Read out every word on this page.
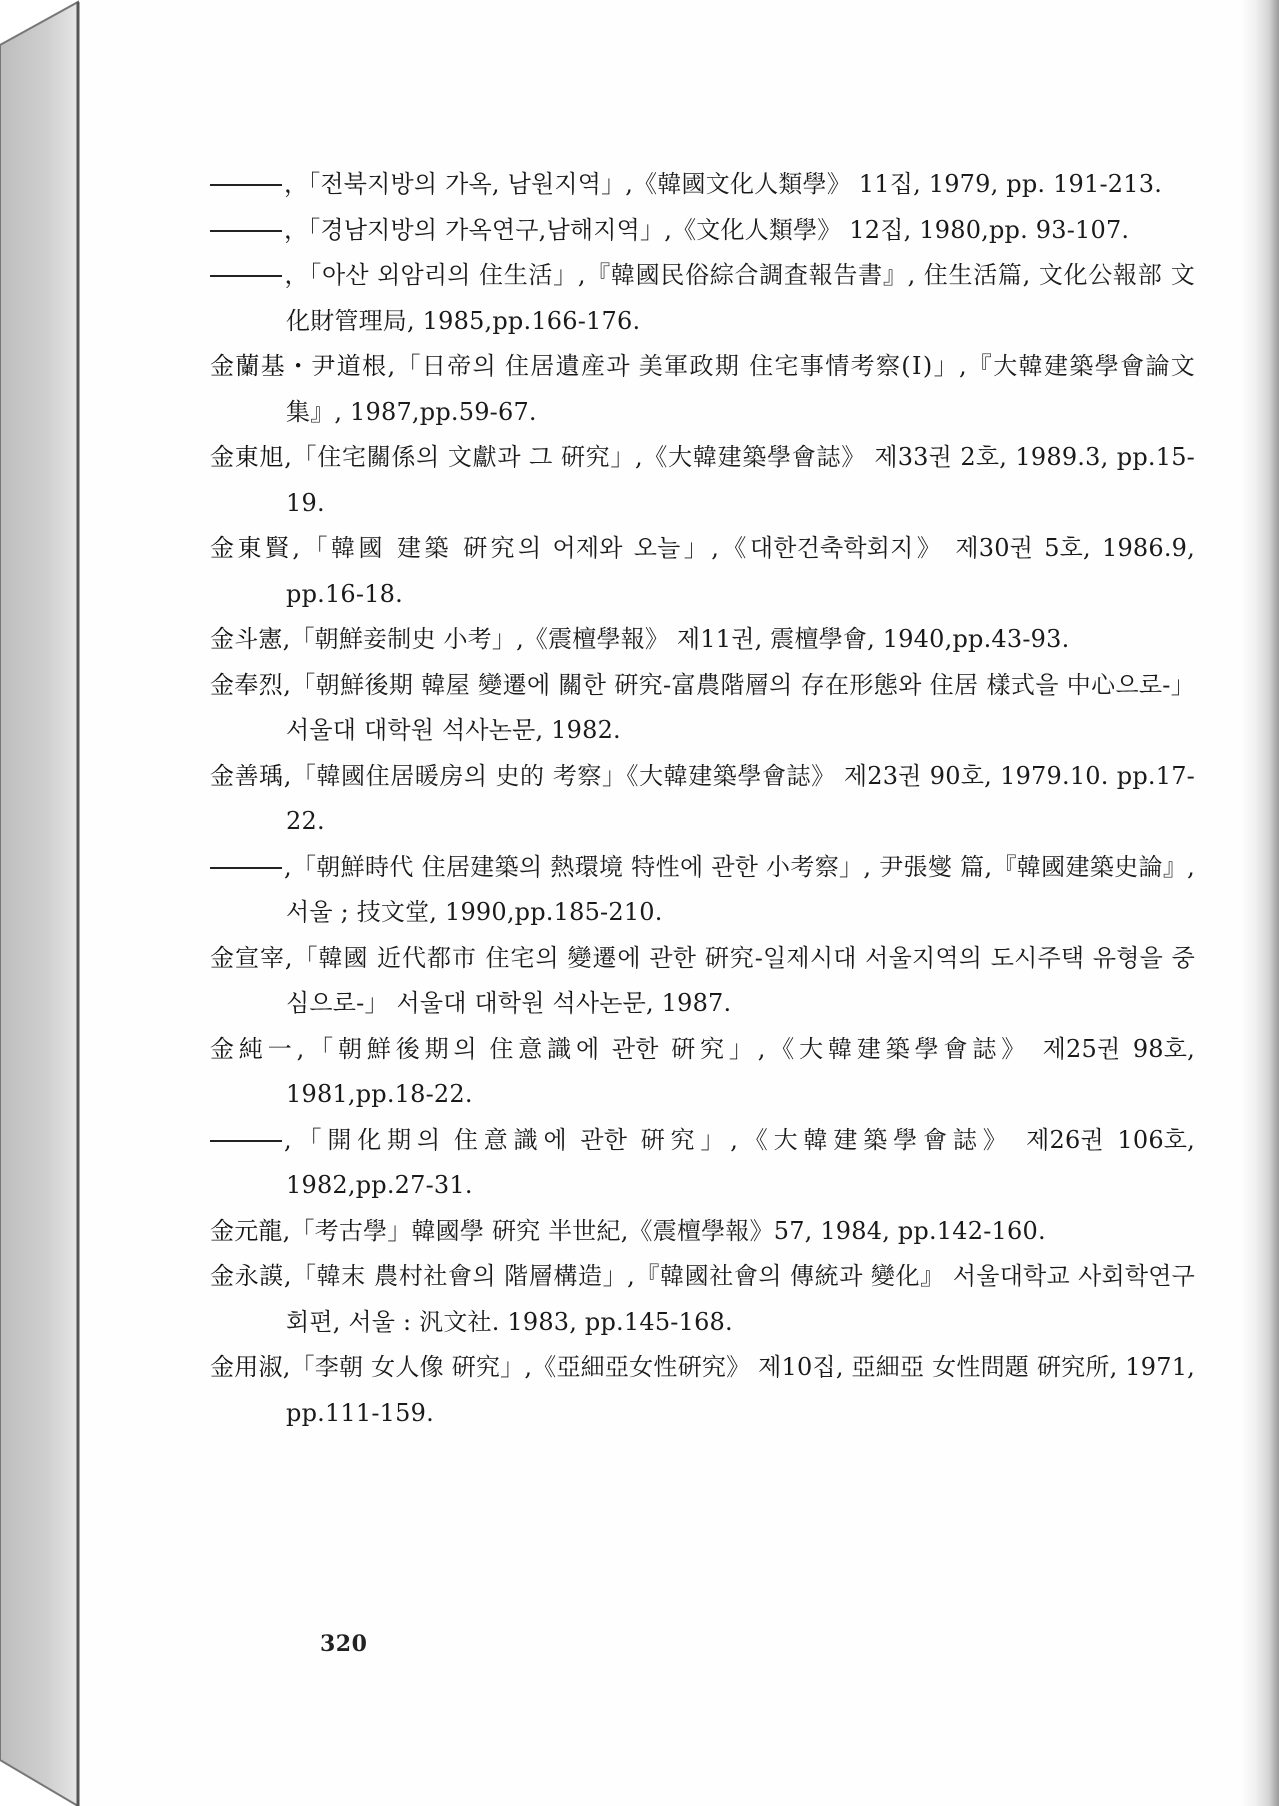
，「전북지방의 가옥, 남원지역」,《韓國文化人類學》 11집, 1979, pp. 191-213.
，「경남지방의 가옥연구,남해지역」,《文化人類學》 12집, 1980,pp. 93-107.
，「아산 외암리의 住生活」,『韓國民俗綜合調査報告書』, 住生活篇, 文化公報部 文化財管理局, 1985,pp.166-176.
金蘭基・尹道根,「日帝의 住居遺産과 美軍政期 住宅事情考察(Ⅰ)」,『大韓建築學會論文集』, 1987,pp.59-67.
金東旭,「住宅關係의 文獻과 그 硏究」,《大韓建築學會誌》 제33권 2호, 1989.3, pp.15-19.
金東賢,「韓國 建築 硏究의 어제와 오늘」,《대한건축학회지》 제30권 5호, 1986.9, pp.16-18.
金斗憲,「朝鮮妾制史 小考」,《震檀學報》 제11권, 震檀學會, 1940,pp.43-93.
金奉烈,「朝鮮後期 韓屋 變遷에 關한 硏究-富農階層의 存在形態와 住居 樣式을 中心으로-」 서울대 대학원 석사논문, 1982.
金善瑀,「韓國住居暖房의 史的 考察」《大韓建築學會誌》 제23권 90호, 1979.10. pp.17-22.
,「朝鮮時代 住居建築의 熱環境 特性에 관한 小考察」, 尹張燮 篇,『韓國建築史論』, 서울 ; 技文堂, 1990,pp.185-210.
金宣宰,「韓國 近代都市 住宅의 變遷에 관한 硏究-일제시대 서울지역의 도시주택 유형을 중심으로-」 서울대 대학원 석사논문, 1987.
金純一,「朝鮮後期의 住意識에 관한 硏究」,《大韓建築學會誌》 제25권 98호, 1981,pp.18-22.
,「開化期의 住意識에 관한 硏究」,《大韓建築學會誌》 제26권 106호, 1982,pp.27-31.
金元龍,「考古學」韓國學 硏究 半世紀,《震檀學報》57, 1984, pp.142-160.
金永謨,「韓末 農村社會의 階層構造」,『韓國社會의 傳統과 變化』 서울대학교 사회학연구회편, 서울 : 汎文社. 1983, pp.145-168.
金用淑,「李朝 女人像 硏究」,《亞細亞女性硏究》 제10집, 亞細亞 女性問題 硏究所, 1971, pp.111-159.
320
